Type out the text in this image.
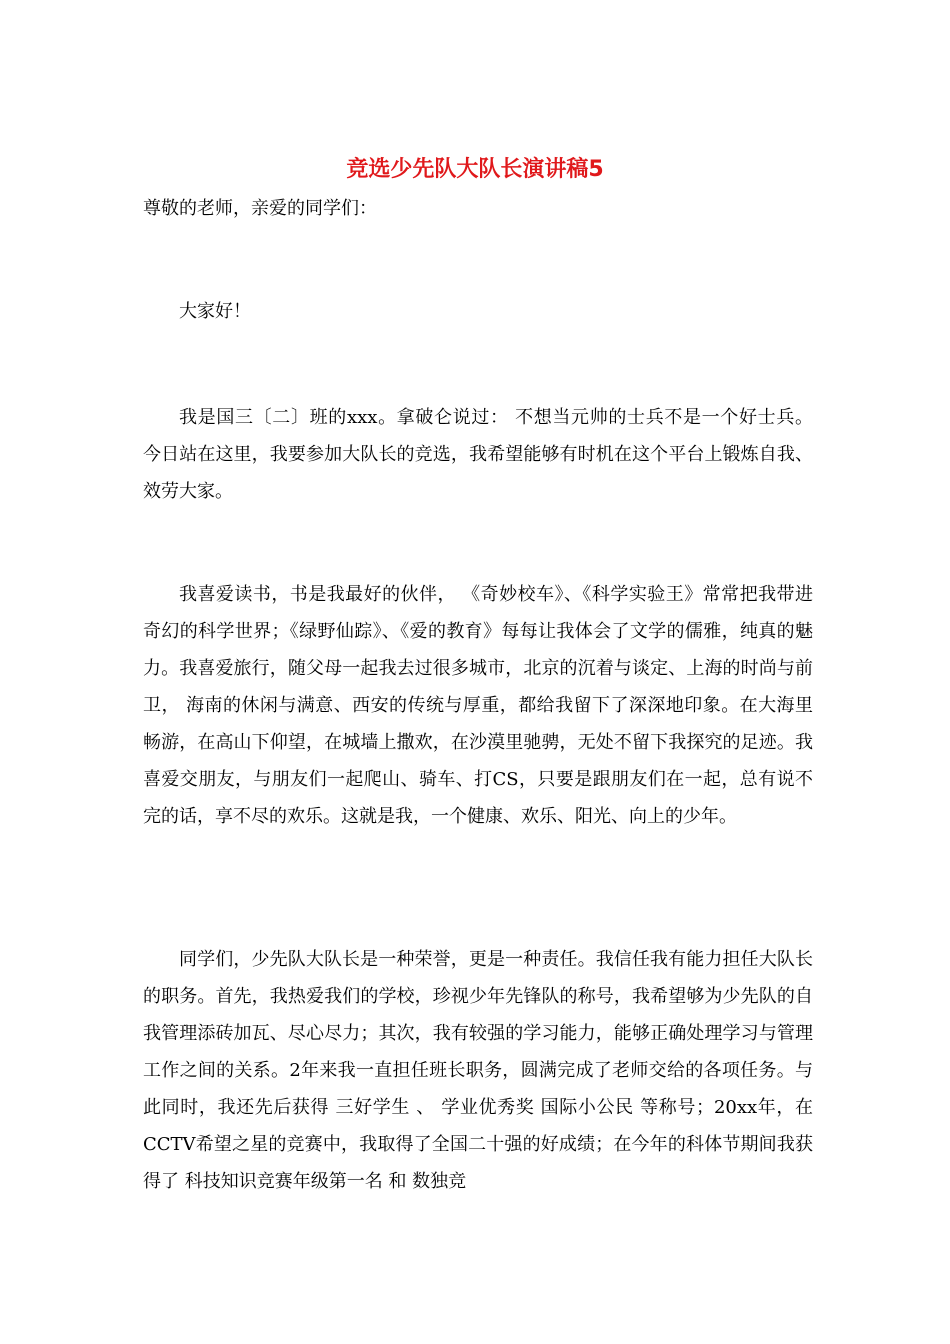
竞选少先队大队长演讲稿5

尊敬的老师，亲爱的同学们：

大家好！

我是国三〔二〕班的xxx。拿破仑说过： 不想当元帅的士兵不是一个好士兵。 今日站在这里，我要参加大队长的竞选，我希望能够有时机在这个平台上锻炼自我、效劳大家。

我喜爱读书，书是我最好的伙伴， 《奇妙校车》、《科学实验王》常常把我带进奇幻的科学世界；《绿野仙踪》、《爱的教育》每每让我体会了文学的儒雅，纯真的魅力。我喜爱旅行，随父母一起我去过很多城市，北京的沉着与谈定、上海的时尚与前卫， 海南的休闲与满意、西安的传统与厚重，都给我留下了深深地印象。在大海里畅游，在高山下仰望，在城墙上撒欢，在沙漠里驰骋，无处不留下我探究的足迹。我喜爱交朋友，与朋友们一起爬山、骑车、打CS，只要是跟朋友们在一起，总有说不完的话，享不尽的欢乐。这就是我，一个健康、欢乐、阳光、向上的少年。

同学们，少先队大队长是一种荣誉，更是一种责任。我信任我有能力担任大队长的职务。首先，我热爱我们的学校，珍视少年先锋队的称号，我希望够为少先队的自我管理添砖加瓦、尽心尽力；其次，我有较强的学习能力，能够正确处理学习与管理工作之间的关系。2年来我一直担任班长职务，圆满完成了老师交给的各项任务。与此同时，我还先后获得 三好学生 、 学业优秀奖 国际小公民 等称号；20xx年，在CCTV希望之星的竞赛中，我取得了全国二十强的好成绩；在今年的科体节期间我获得了 科技知识竞赛年级第一名 和 数独竞
